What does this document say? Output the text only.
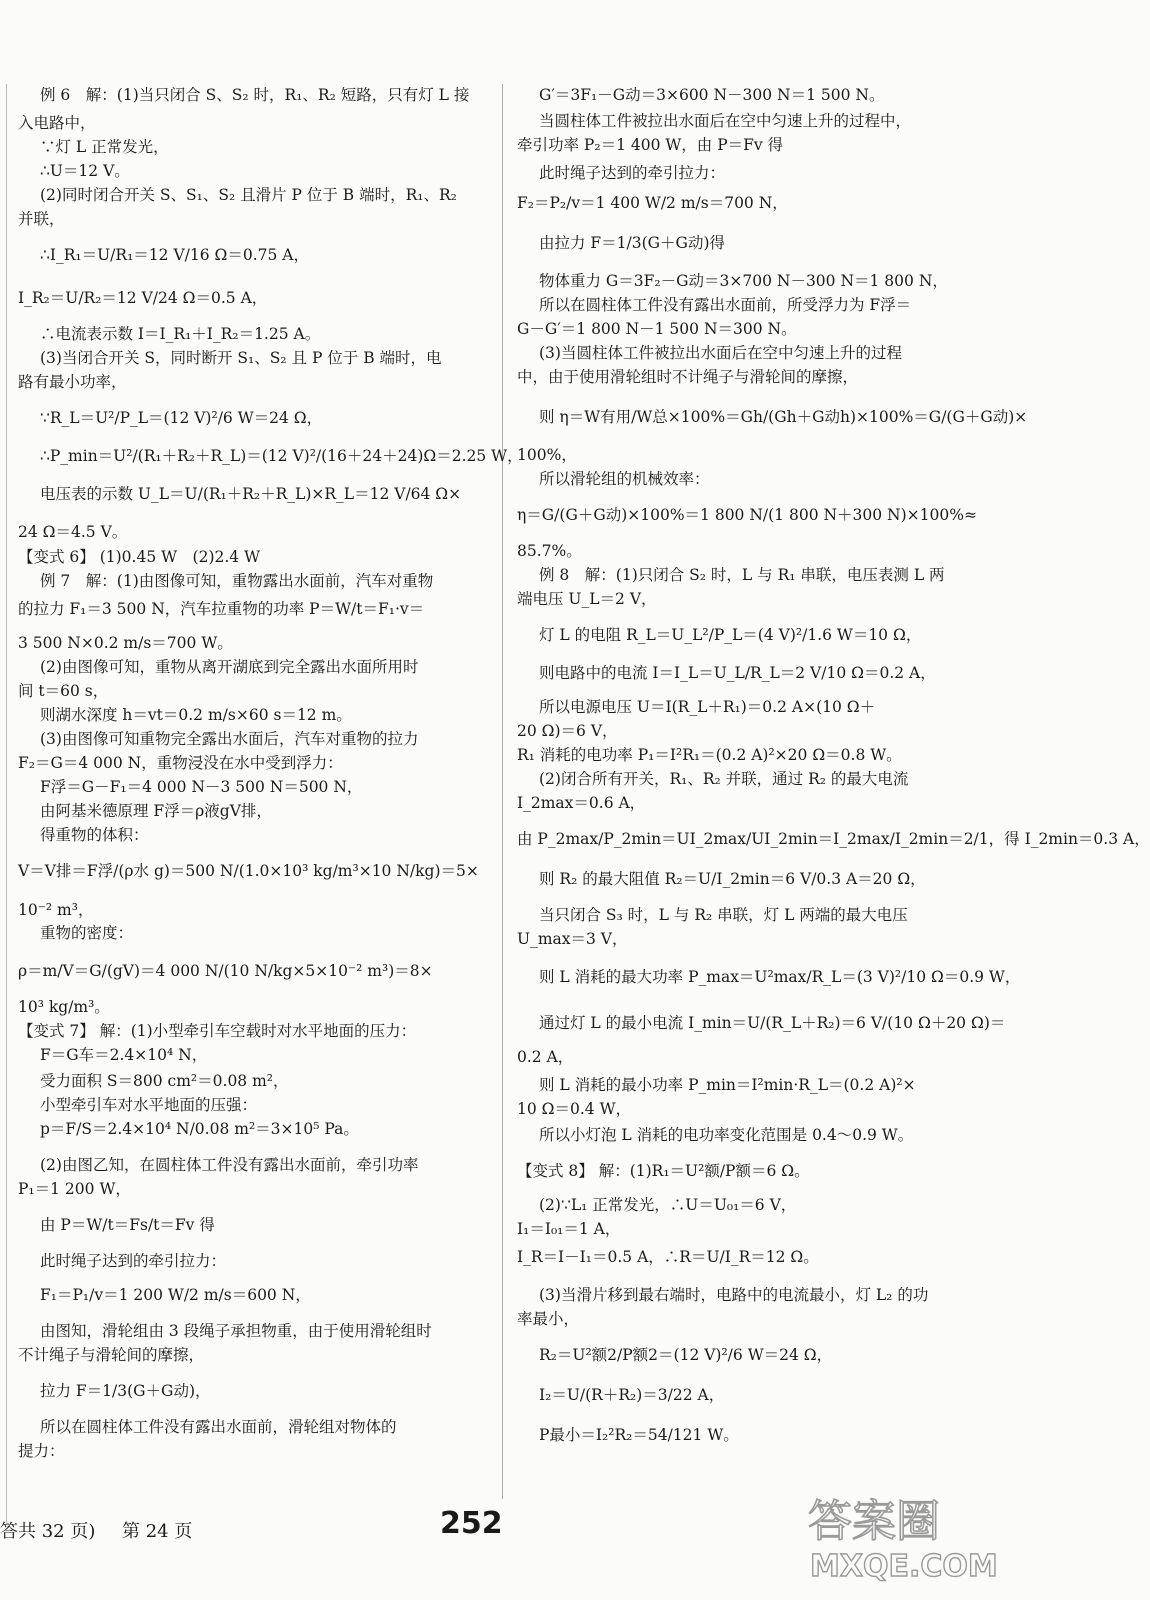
例 6　解：(1)当只闭合 S、S₂ 时，R₁、R₂ 短路，只有灯 L 接
入电路中，
∵灯 L 正常发光，
∴U＝12 V。
(2)同时闭合开关 S、S₁、S₂ 且滑片 P 位于 B 端时，R₁、R₂
并联，
∴I_R₁＝U/R₁＝12 V/16 Ω＝0.75 A，
I_R₂＝U/R₂＝12 V/24 Ω＝0.5 A，
∴电流表示数 I＝I_R₁＋I_R₂＝1.25 A。
(3)当闭合开关 S，同时断开 S₁、S₂ 且 P 位于 B 端时，电
路有最小功率，
∵R_L＝U²/P_L＝(12 V)²/6 W＝24 Ω，
∴P_min＝U²/(R₁＋R₂＋R_L)＝(12 V)²/(16＋24＋24)Ω＝2.25 W，
电压表的示数 U_L＝U/(R₁＋R₂＋R_L)×R_L＝12 V/64 Ω×
24 Ω＝4.5 V。
【变式 6】 (1)0.45 W　(2)2.4 W
例 7　解：(1)由图像可知，重物露出水面前，汽车对重物
的拉力 F₁＝3 500 N，汽车拉重物的功率 P＝W/t＝F₁·v＝
3 500 N×0.2 m/s＝700 W。
(2)由图像可知，重物从离开湖底到完全露出水面所用时
间 t＝60 s，
则湖水深度 h＝vt＝0.2 m/s×60 s＝12 m。
(3)由图像可知重物完全露出水面后，汽车对重物的拉力
F₂＝G＝4 000 N，重物浸没在水中受到浮力：
F浮＝G－F₁＝4 000 N－3 500 N＝500 N，
由阿基米德原理 F浮＝ρ液gV排，
得重物的体积：
V＝V排＝F浮/(ρ水 g)＝500 N/(1.0×10³ kg/m³×10 N/kg)＝5×
10⁻² m³，
重物的密度：
ρ＝m/V＝G/(gV)＝4 000 N/(10 N/kg×5×10⁻² m³)＝8×
10³ kg/m³。
【变式 7】 解：(1)小型牵引车空载时对水平地面的压力：
F＝G车＝2.4×10⁴ N，
受力面积 S＝800 cm²＝0.08 m²，
小型牵引车对水平地面的压强：
p＝F/S＝2.4×10⁴ N/0.08 m²＝3×10⁵ Pa。
(2)由图乙知，在圆柱体工件没有露出水面前，牵引功率
P₁＝1 200 W，
由 P＝W/t＝Fs/t＝Fv 得
此时绳子达到的牵引拉力：
F₁＝P₁/v＝1 200 W/2 m/s＝600 N，
由图知，滑轮组由 3 段绳子承担物重，由于使用滑轮组时
不计绳子与滑轮间的摩擦，
拉力 F＝1/3(G＋G动)，
所以在圆柱体工件没有露出水面前，滑轮组对物体的
提力：
G′＝3F₁－G动＝3×600 N－300 N＝1 500 N。
当圆柱体工件被拉出水面后在空中匀速上升的过程中，
牵引功率 P₂＝1 400 W，由 P＝Fv 得
此时绳子达到的牵引拉力：
F₂＝P₂/v＝1 400 W/2 m/s＝700 N，
由拉力 F＝1/3(G＋G动)得
物体重力 G＝3F₂－G动＝3×700 N－300 N＝1 800 N，
所以在圆柱体工件没有露出水面前，所受浮力为 F浮＝
G－G′＝1 800 N－1 500 N＝300 N。
(3)当圆柱体工件被拉出水面后在空中匀速上升的过程
中，由于使用滑轮组时不计绳子与滑轮间的摩擦，
则 η＝W有用/W总×100%＝Gh/(Gh＋G动h)×100%＝G/(G＋G动)×
100%，
所以滑轮组的机械效率：
η＝G/(G＋G动)×100%＝1 800 N/(1 800 N＋300 N)×100%≈
85.7%。
例 8　解：(1)只闭合 S₂ 时，L 与 R₁ 串联，电压表测 L 两
端电压 U_L＝2 V，
灯 L 的电阻 R_L＝U_L²/P_L＝(4 V)²/1.6 W＝10 Ω，
则电路中的电流 I＝I_L＝U_L/R_L＝2 V/10 Ω＝0.2 A，
所以电源电压 U＝I(R_L＋R₁)＝0.2 A×(10 Ω＋
20 Ω)＝6 V，
R₁ 消耗的电功率 P₁＝I²R₁＝(0.2 A)²×20 Ω＝0.8 W。
(2)闭合所有开关，R₁、R₂ 并联，通过 R₂ 的最大电流
I_2max＝0.6 A，
由 P_2max/P_2min＝UI_2max/UI_2min＝I_2max/I_2min＝2/1，得 I_2min＝0.3 A，
则 R₂ 的最大阻值 R₂＝U/I_2min＝6 V/0.3 A＝20 Ω，
当只闭合 S₃ 时，L 与 R₂ 串联，灯 L 两端的最大电压
U_max＝3 V，
则 L 消耗的最大功率 P_max＝U²max/R_L＝(3 V)²/10 Ω＝0.9 W，
通过灯 L 的最小电流 I_min＝U/(R_L＋R₂)＝6 V/(10 Ω＋20 Ω)＝
0.2 A，
则 L 消耗的最小功率 P_min＝I²min·R_L＝(0.2 A)²×
10 Ω＝0.4 W，
所以小灯泡 L 消耗的电功率变化范围是 0.4～0.9 W。
【变式 8】 解：(1)R₁＝U²额/P额＝6 Ω。
(2)∵L₁ 正常发光，∴U＝U₀₁＝6 V，
I₁＝I₀₁＝1 A，
I_R＝I－I₁＝0.5 A，∴R＝U/I_R＝12 Ω。
(3)当滑片移到最右端时，电路中的电流最小，灯 L₂ 的功
率最小，
R₂＝U²额2/P额2＝(12 V)²/6 W＝24 Ω，
I₂＝U/(R＋R₂)＝3/22 A，
P最小＝I₂²R₂＝54/121 W。
答共 32 页) 第 24 页	252	答案圈
MXQE.COM
